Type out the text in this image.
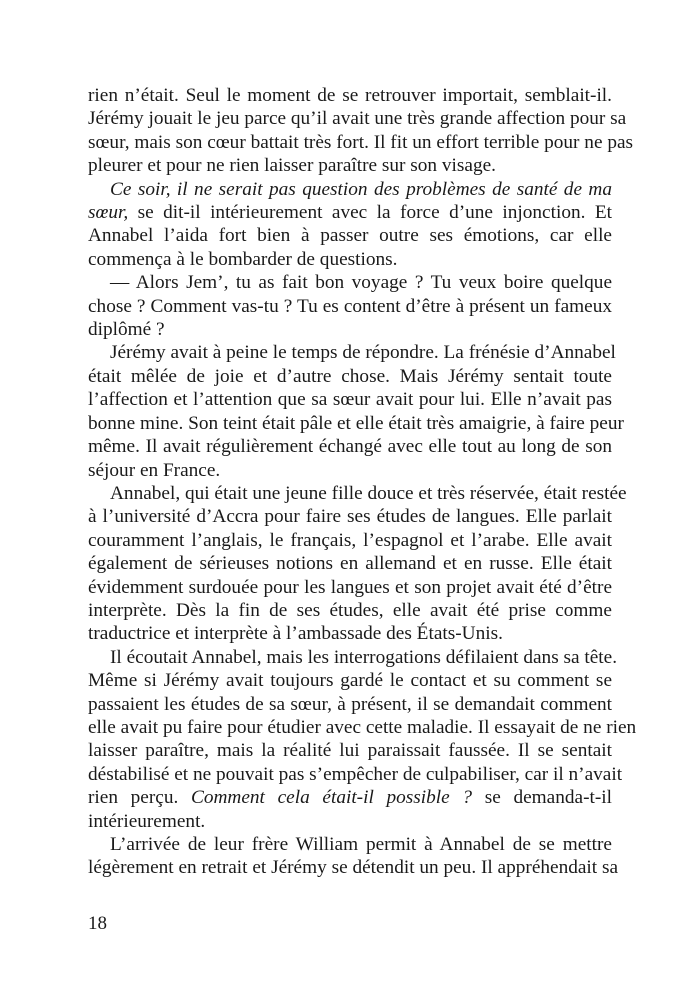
rien n’était. Seul le moment de se retrouver importait, semblait-il.
Jérémy jouait le jeu parce qu’il avait une très grande affection pour sa
sœur, mais son cœur battait très fort. Il fit un effort terrible pour ne pas
pleurer et pour ne rien laisser paraître sur son visage.
Ce soir, il ne serait pas question des problèmes de santé de ma
sœur, se dit-il intérieurement avec la force d’une injonction. Et
Annabel l’aida fort bien à passer outre ses émotions, car elle
commença à le bombarder de questions.
— Alors Jem’, tu as fait bon voyage ? Tu veux boire quelque
chose ? Comment vas-tu ? Tu es content d’être à présent un fameux
diplômé ?
Jérémy avait à peine le temps de répondre. La frénésie d’Annabel
était mêlée de joie et d’autre chose. Mais Jérémy sentait toute
l’affection et l’attention que sa sœur avait pour lui. Elle n’avait pas
bonne mine. Son teint était pâle et elle était très amaigrie, à faire peur
même. Il avait régulièrement échangé avec elle tout au long de son
séjour en France.
Annabel, qui était une jeune fille douce et très réservée, était restée
à l’université d’Accra pour faire ses études de langues. Elle parlait
couramment l’anglais, le français, l’espagnol et l’arabe. Elle avait
également de sérieuses notions en allemand et en russe. Elle était
évidemment surdouée pour les langues et son projet avait été d’être
interprète. Dès la fin de ses études, elle avait été prise comme
traductrice et interprète à l’ambassade des États-Unis.
Il écoutait Annabel, mais les interrogations défilaient dans sa tête.
Même si Jérémy avait toujours gardé le contact et su comment se
passaient les études de sa sœur, à présent, il se demandait comment
elle avait pu faire pour étudier avec cette maladie. Il essayait de ne rien
laisser paraître, mais la réalité lui paraissait faussée. Il se sentait
déstabilisé et ne pouvait pas s’empêcher de culpabiliser, car il n’avait
rien perçu. Comment cela était-il possible ? se demanda-t-il
intérieurement.
L’arrivée de leur frère William permit à Annabel de se mettre
légèrement en retrait et Jérémy se détendit un peu. Il appréhendait sa
18
